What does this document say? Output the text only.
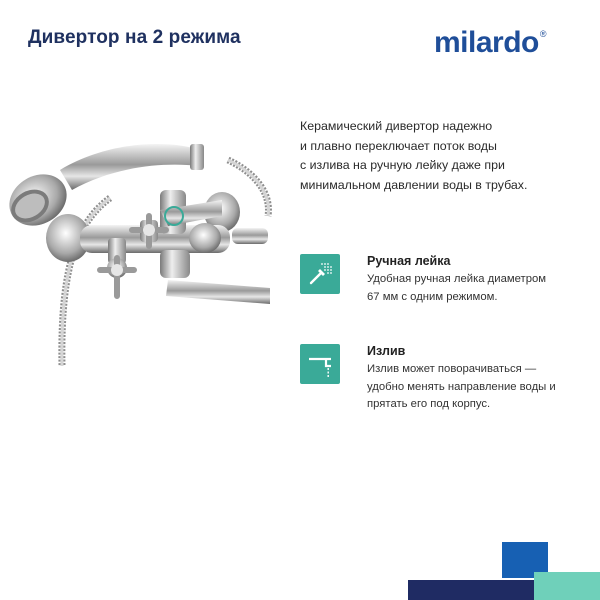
Дивертор на 2 режима	milardo®
Керамический дивертор надежно
и плавно переключает поток воды
с излива на ручную лейку даже при
минимальном давлении воды в трубах.
Ручная лейка
Удобная ручная лейка диаметром
67 мм с одним режимом.
Излив
Излив может поворачиваться —
удобно менять направление воды и
прятать его под корпус.
